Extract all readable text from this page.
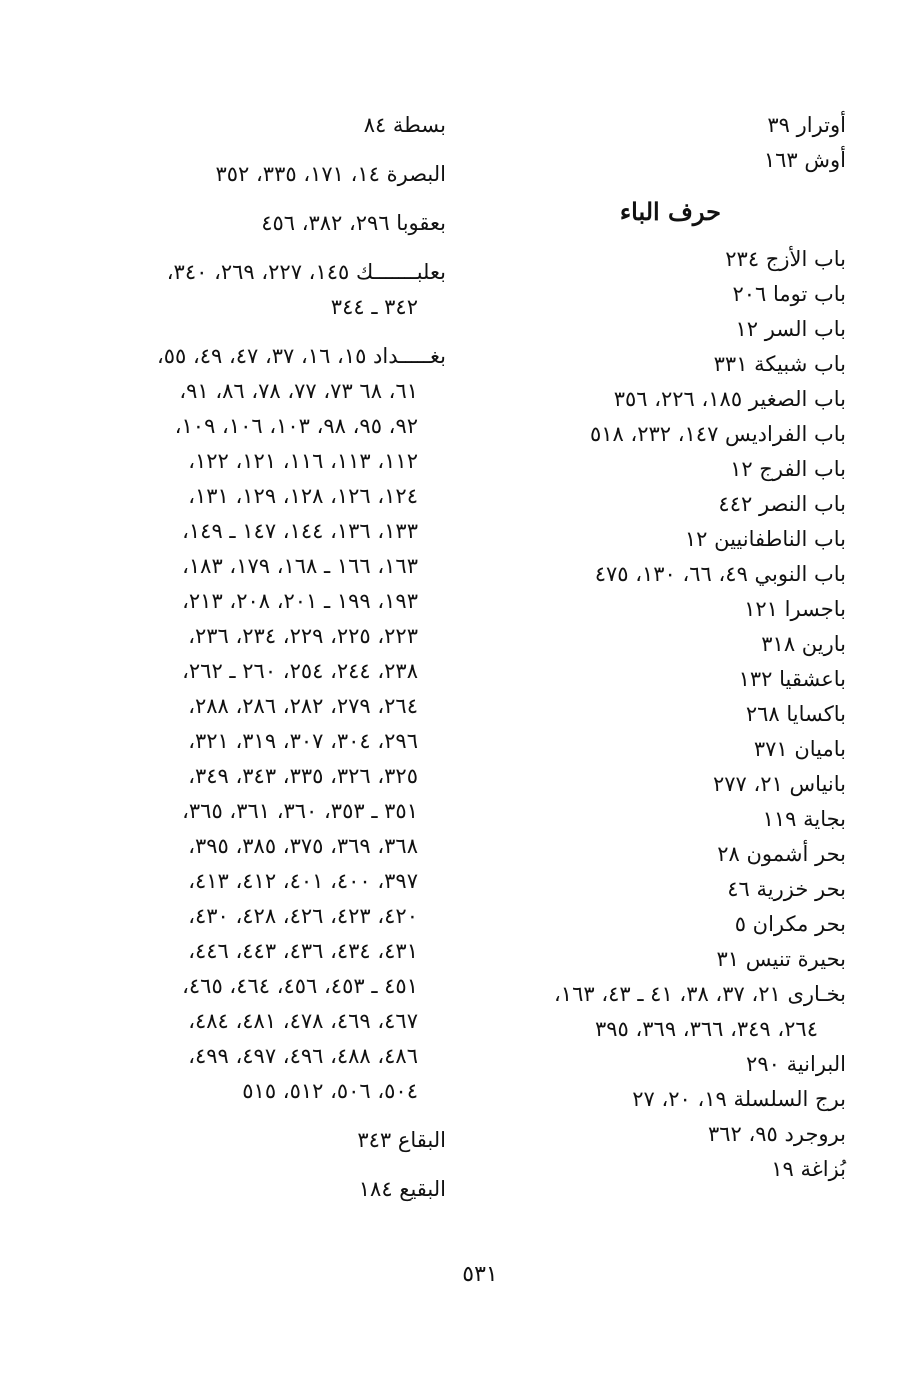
أوترار ٣٩
أوش ١٦٣
حرف الباء
باب الأزج ٢٣٤
باب توما ٢٠٦
باب السر ١٢
باب شبيكة ٣٣١
باب الصغير ١٨٥، ٢٢٦، ٣٥٦
باب الفراديس ١٤٧، ٢٣٢، ٥١٨
باب الفرج ١٢
باب النصر ٤٤٢
باب الناطفانيين ١٢
باب النوبي ٤٩، ٦٦، ١٣٠، ٤٧٥
باجسرا ١٢١
بارين ٣١٨
باعشقيا ١٣٢
باكسايا ٢٦٨
باميان ٣٧١
بانياس ٢١، ٢٧٧
بجاية ١١٩
بحر أشمون ٢٨
بحر خزرية ٤٦
بحر مكران ٥
بحيرة تنيس ٣١
بخـارى ٢١، ٣٧، ٣٨، ٤١ ـ ٤٣، ١٦٣،
٢٦٤، ٣٤٩، ٣٦٦، ٣٦٩، ٣٩٥
البرانية ٢٩٠
برج السلسلة ١٩، ٢٠، ٢٧
بروجرد ٩٥، ٣٦٢
بُزاغة ١٩
بسطة ٨٤
البصرة ١٤، ١٧١، ٣٣٥، ٣٥٢
بعقوبا ٢٩٦، ٣٨٢، ٤٥٦
بعلبـــــــك ١٤٥، ٢٢٧، ٢٦٩، ٣٤٠،
٣٤٢ ـ ٣٤٤
بغـــــداد ١٥، ١٦، ٣٧، ٤٧، ٤٩، ٥٥،
٦١، ٦٨ ٧٣، ٧٧، ٧٨، ٨٦، ٩١،
٩٢، ٩٥، ٩٨، ١٠٣، ١٠٦، ١٠٩،
١١٢، ١١٣، ١١٦، ١٢١، ١٢٢،
١٢٤، ١٢٦، ١٢٨، ١٢٩، ١٣١،
١٣٣، ١٣٦، ١٤٤، ١٤٧ ـ ١٤٩،
١٦٣، ١٦٦ ـ ١٦٨، ١٧٩، ١٨٣،
١٩٣، ١٩٩ ـ ٢٠١، ٢٠٨، ٢١٣،
٢٢٣، ٢٢٥، ٢٢٩، ٢٣٤، ٢٣٦،
٢٣٨، ٢٤٤، ٢٥٤، ٢٦٠ ـ ٢٦٢،
٢٦٤، ٢٧٩، ٢٨٢، ٢٨٦، ٢٨٨،
٢٩٦، ٣٠٤، ٣٠٧، ٣١٩، ٣٢١،
٣٢٥، ٣٢٦، ٣٣٥، ٣٤٣، ٣٤٩،
٣٥١ ـ ٣٥٣، ٣٦٠، ٣٦١، ٣٦٥،
٣٦٨، ٣٦٩، ٣٧٥، ٣٨٥، ٣٩٥،
٣٩٧، ٤٠٠، ٤٠١، ٤١٢، ٤١٣،
٤٢٠، ٤٢٣، ٤٢٦، ٤٢٨، ٤٣٠،
٤٣١، ٤٣٤، ٤٣٦، ٤٤٣، ٤٤٦،
٤٥١ ـ ٤٥٣، ٤٥٦، ٤٦٤، ٤٦٥،
٤٦٧، ٤٦٩، ٤٧٨، ٤٨١، ٤٨٤،
٤٨٦، ٤٨٨، ٤٩٦، ٤٩٧، ٤٩٩،
٥٠٤، ٥٠٦، ٥١٢، ٥١٥
البقاع ٣٤٣
البقيع ١٨٤
٥٣١
